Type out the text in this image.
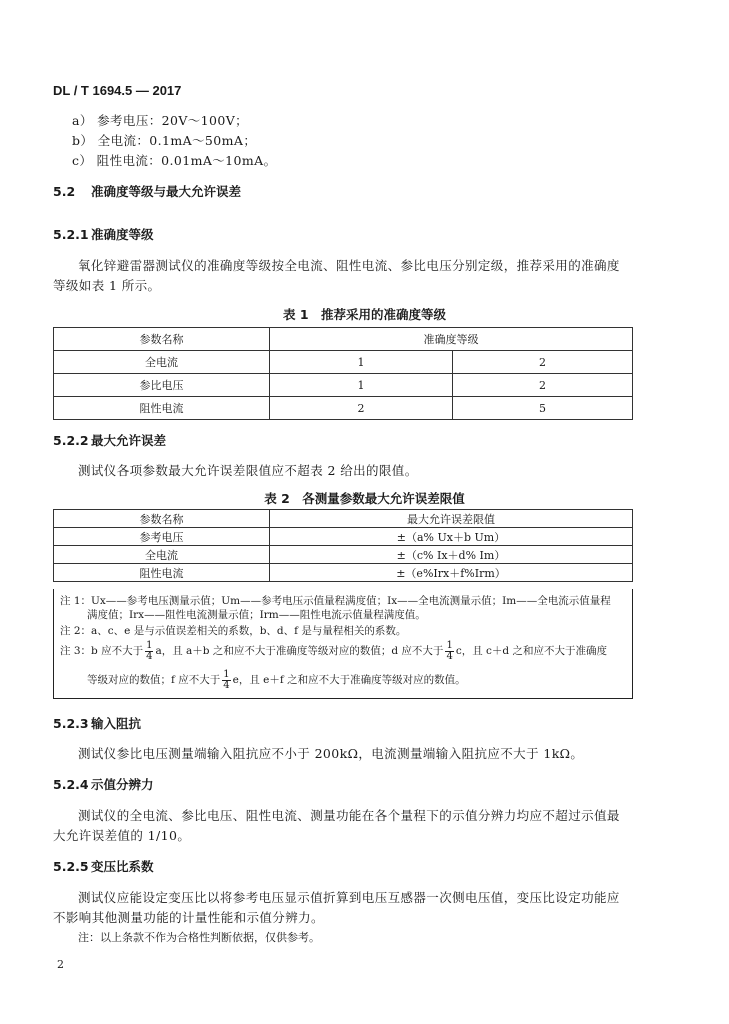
DL / T 1694.5 — 2017
a） 参考电压：20V～100V；
b） 全电流：0.1mA～50mA；
c） 阻性电流：0.01mA～10mA。
5.2 准确度等级与最大允许误差
5.2.1 准确度等级
氧化锌避雷器测试仪的准确度等级按全电流、阻性电流、参比电压分别定级，推荐采用的准确度
等级如表 1 所示。
表 1　推荐采用的准确度等级
参数名称	准确度等级	
全电流	1	2
参比电压	1	2
阻性电流	2	5
5.2.2 最大允许误差
测试仪各项参数最大允许误差限值应不超表 2 给出的限值。
表 2　各测量参数最大允许误差限值
参数名称	最大允许误差限值
参考电压	±（a% Ux＋b Um）
全电流	±（c% Ix＋d% Im）
阻性电流	±（e%Irx＋f%Irm）
注 1：Ux——参考电压测量示值；Um——参考电压示值量程满度值；Ix——全电流测量示值；Im——全电流示值量程
满度值；Irx——阻性电流测量示值；Irm——阻性电流示值量程满度值。
注 2：a、c、e 是与示值误差相关的系数，b、d、f 是与量程相关的系数。
注 3：b 应不大于 $\frac{1}{4}$ a，且 a＋b 之和应不大于准确度等级对应的数值；d 应不大于 $\frac{1}{4}$ c，且 c＋d 之和应不大于准确度
等级对应的数值；f 应不大于 $\frac{1}{4}$ e，且 e＋f 之和应不大于准确度等级对应的数值。
5.2.3 输入阻抗
测试仪参比电压测量端输入阻抗应不小于 200kΩ，电流测量端输入阻抗应不大于 1kΩ。
5.2.4 示值分辨力
测试仪的全电流、参比电压、阻性电流、测量功能在各个量程下的示值分辨力均应不超过示值最
大允许误差值的 1/10。
5.2.5 变压比系数
测试仪应能设定变压比以将参考电压显示值折算到电压互感器一次侧电压值，变压比设定功能应
不影响其他测量功能的计量性能和示值分辨力。
注：以上条款不作为合格性判断依据，仅供参考。
2
